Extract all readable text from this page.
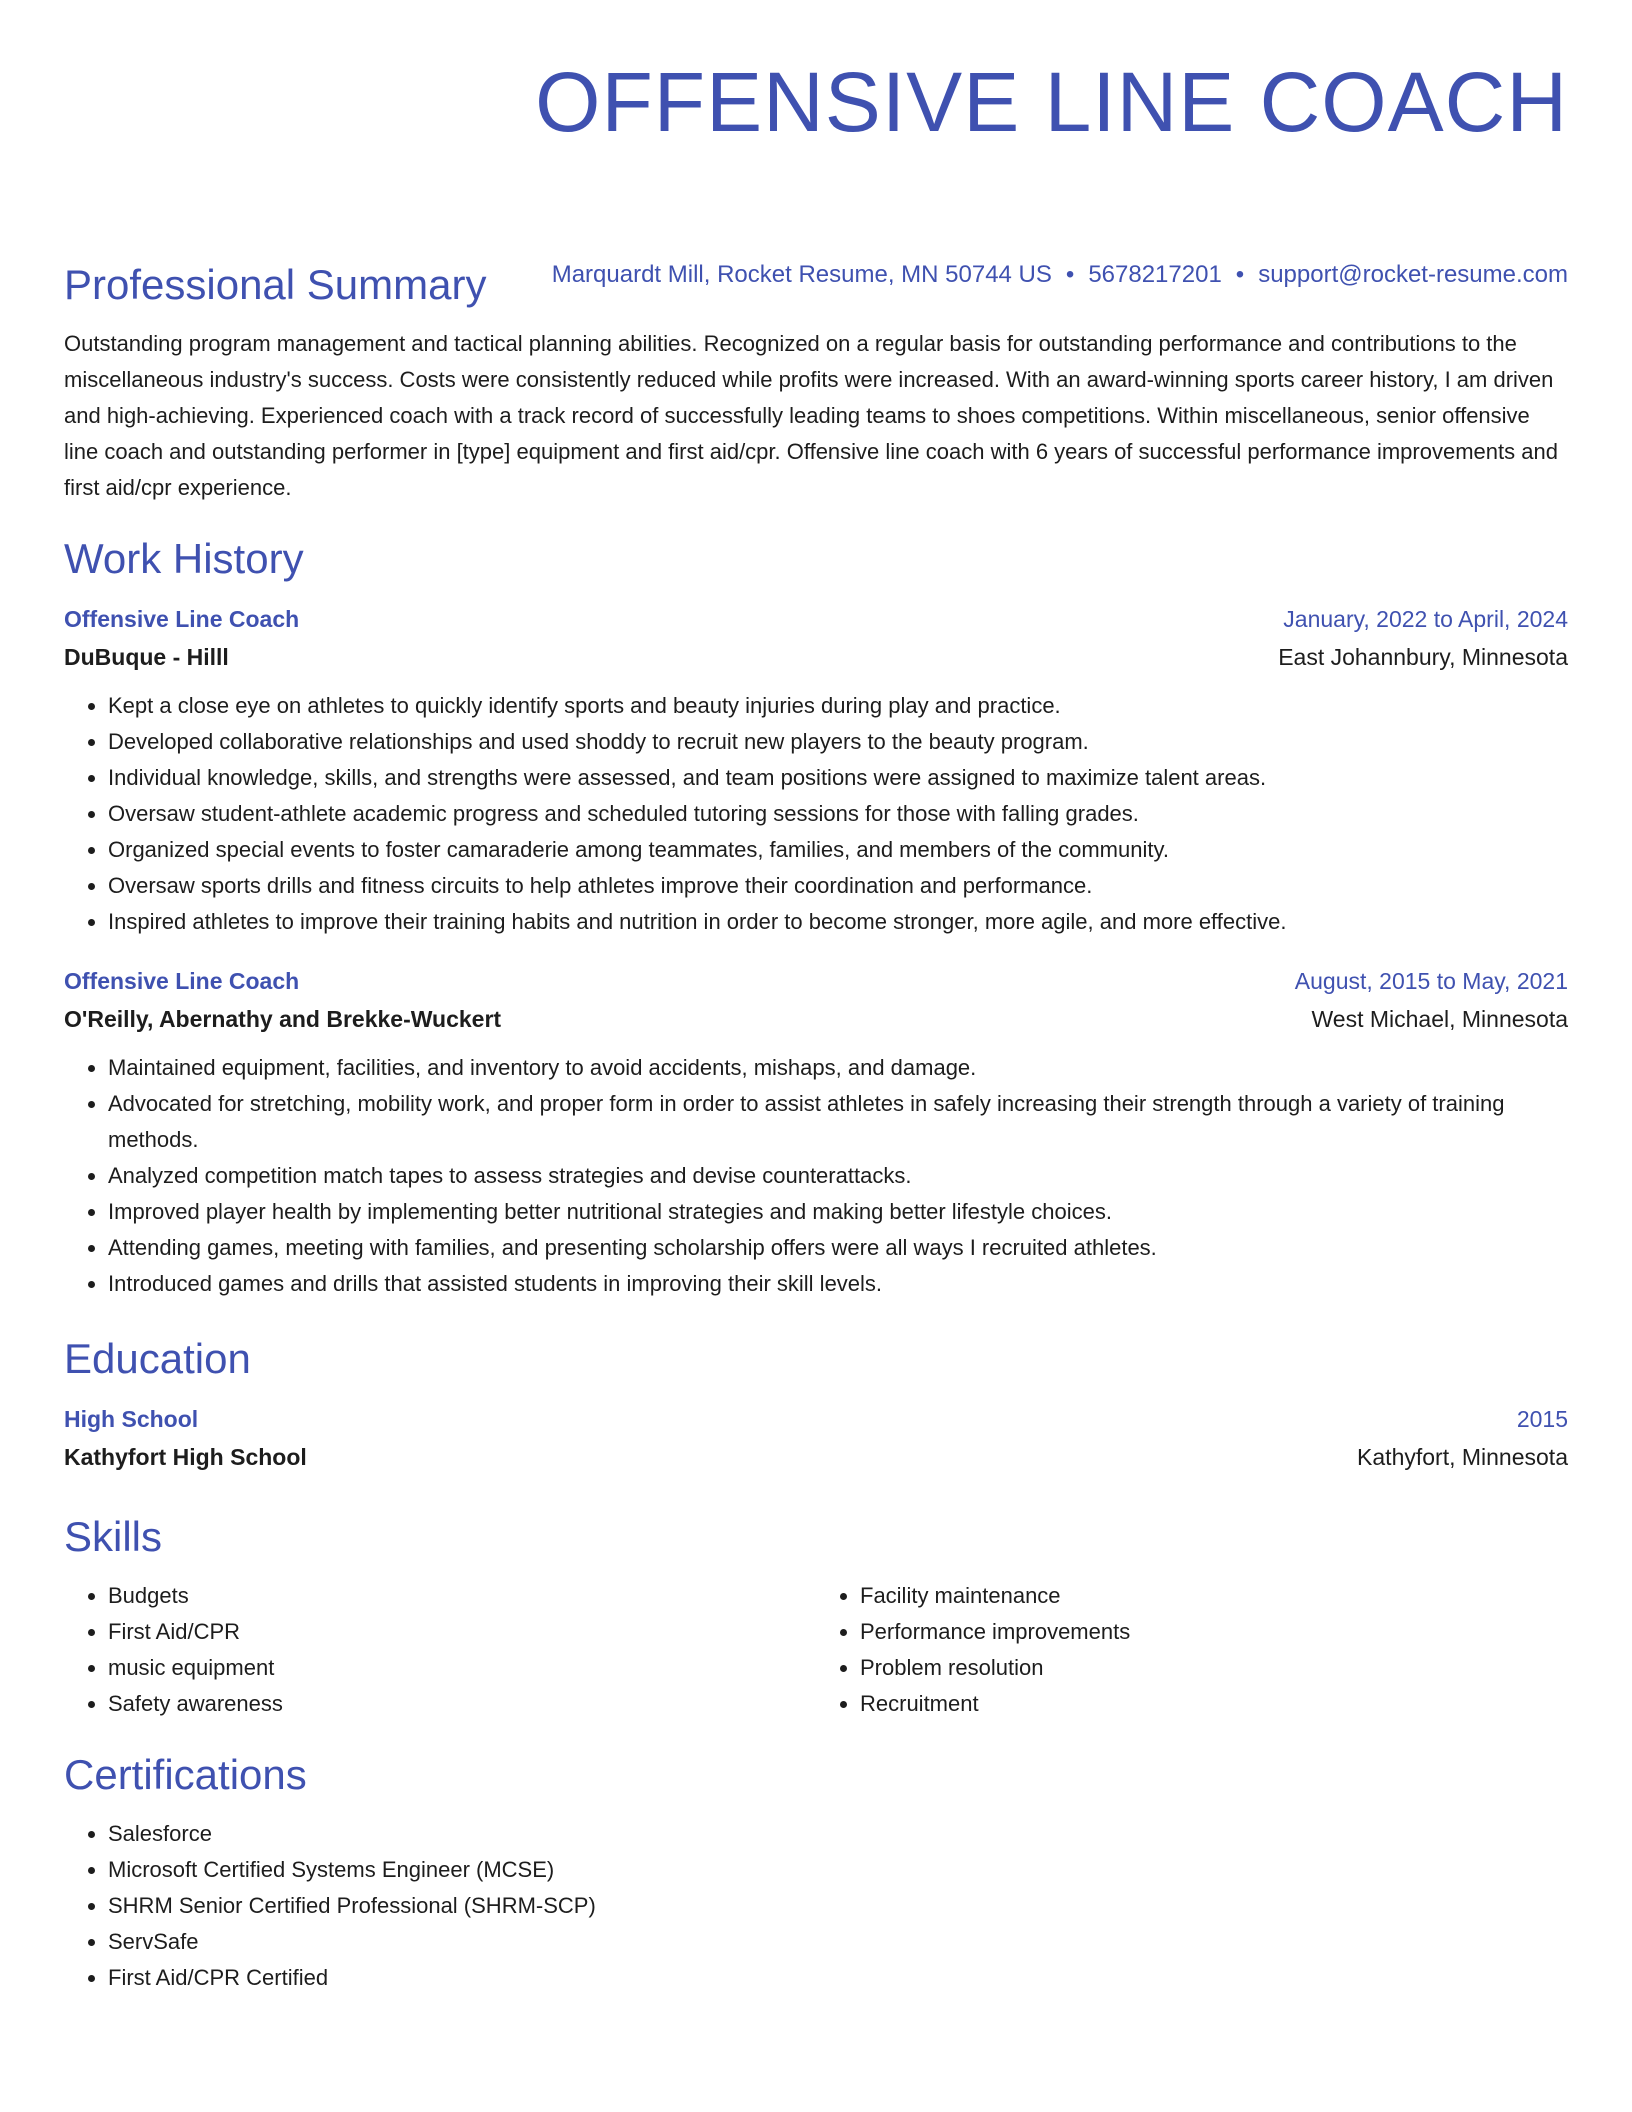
OFFENSIVE LINE COACH
Marquardt Mill, Rocket Resume, MN 50744 US • 5678217201 • support@rocket-resume.com
Professional Summary

Outstanding program management and tactical planning abilities. Recognized on a regular basis for outstanding performance and contributions to the miscellaneous industry's success. Costs were consistently reduced while profits were increased. With an award-winning sports career history, I am driven and high-achieving. Experienced coach with a track record of successfully leading teams to shoes competitions. Within miscellaneous, senior offensive line coach and outstanding performer in [type] equipment and first aid/cpr. Offensive line coach with 6 years of successful performance improvements and first aid/cpr experience.

Work History
Offensive Line Coach	January, 2022 to April, 2024
DuBuque - Hilll	East Johannbury, Minnesota
• Kept a close eye on athletes to quickly identify sports and beauty injuries during play and practice.
• Developed collaborative relationships and used shoddy to recruit new players to the beauty program.
• Individual knowledge, skills, and strengths were assessed, and team positions were assigned to maximize talent areas.
• Oversaw student-athlete academic progress and scheduled tutoring sessions for those with falling grades.
• Organized special events to foster camaraderie among teammates, families, and members of the community.
• Oversaw sports drills and fitness circuits to help athletes improve their coordination and performance.
• Inspired athletes to improve their training habits and nutrition in order to become stronger, more agile, and more effective.
Offensive Line Coach	August, 2015 to May, 2021
O'Reilly, Abernathy and Brekke-Wuckert	West Michael, Minnesota
• Maintained equipment, facilities, and inventory to avoid accidents, mishaps, and damage.
• Advocated for stretching, mobility work, and proper form in order to assist athletes in safely increasing their strength through a variety of training methods.
• Analyzed competition match tapes to assess strategies and devise counterattacks.
• Improved player health by implementing better nutritional strategies and making better lifestyle choices.
• Attending games, meeting with families, and presenting scholarship offers were all ways I recruited athletes.
• Introduced games and drills that assisted students in improving their skill levels.
Education
High School	2015
Kathyfort High School	Kathyfort, Minnesota
Skills
• Budgets
• First Aid/CPR
• music equipment
• Safety awareness
• Facility maintenance
• Performance improvements
• Problem resolution
• Recruitment
Certifications
• Salesforce
• Microsoft Certified Systems Engineer (MCSE)
• SHRM Senior Certified Professional (SHRM-SCP)
• ServSafe
• First Aid/CPR Certified
